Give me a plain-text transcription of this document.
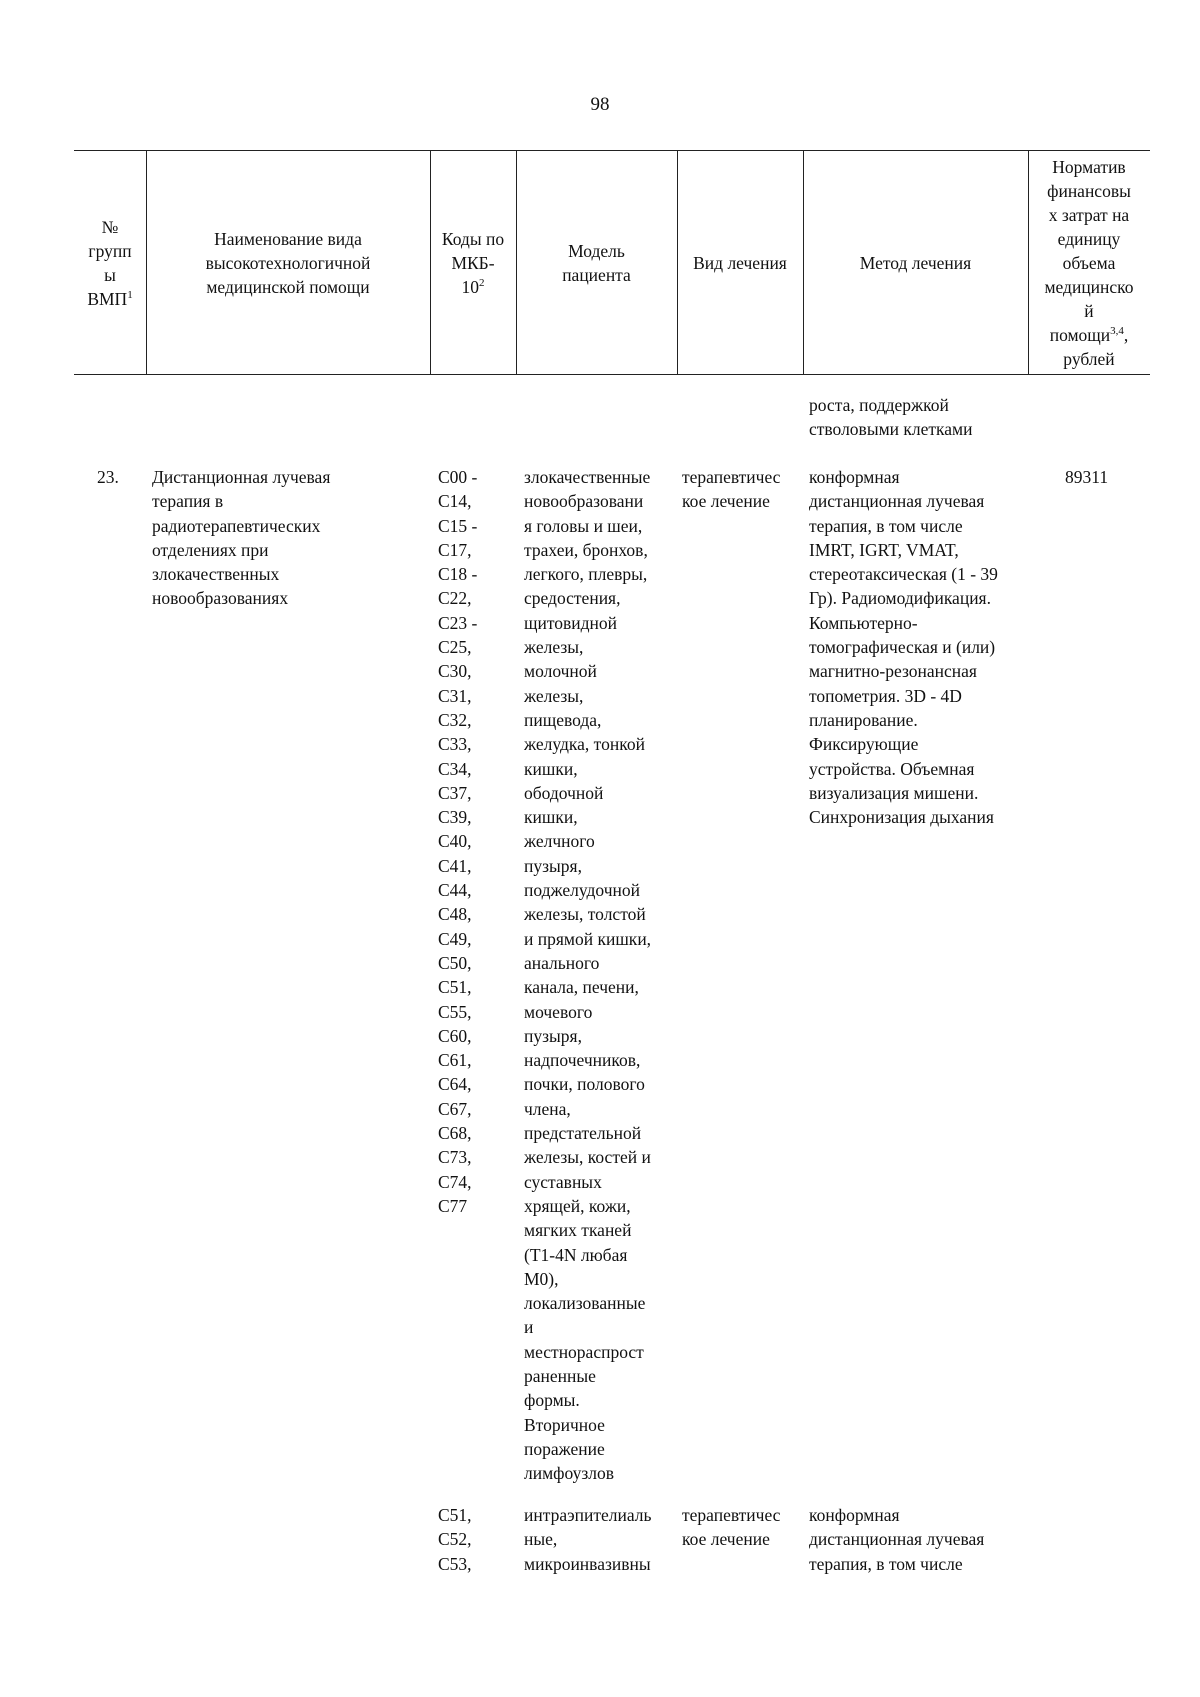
98
№
групп
ы
ВМП$^1$
Наименование вида
высокотехнологичной
медицинской помощи
Коды по
МКБ-
$10^2$
Модель
пациента
Вид лечения	Метод лечения
Норматив
финансовы
х затрат на
единицу
объема
медицинско
й
помощи$^{3,4}$,
рублей
роста, поддержкой
стволовыми клетками
23.	Дистанционная лучевая
терапия в
радиотерапевтических
отделениях при
злокачественных
новообразованиях
C00 -
C14,
C15 -
C17,
C18 -
C22,
C23 -
C25,
C30,
C31,
C32,
C33,
C34,
C37,
C39,
C40,
C41,
C44,
C48,
C49,
C50,
C51,
C55,
C60,
C61,
C64,
C67,
C68,
C73,
C74,
C77
злокачественные
новообразовани
я головы и шеи,
трахеи, бронхов,
легкого, плевры,
средостения,
щитовидной
железы,
молочной
железы,
пищевода,
желудка, тонкой
кишки,
ободочной
кишки,
желчного
пузыря,
поджелудочной
железы, толстой
и прямой кишки,
анального
канала, печени,
мочевого
пузыря,
надпочечников,
почки, полового
члена,
предстательной
железы, костей и
суставных
хрящей, кожи,
мягких тканей
(T1-4N любая
M0),
локализованные
и
местнораспрост
раненные
формы.
Вторичное
поражение
лимфоузлов
терапевтичес
кое лечение
конформная
дистанционная лучевая
терапия, в том числе
IMRT, IGRT, VMAT,
стереотаксическая (1 - 39
Гр). Радиомодификация.
Компьютерно-
томографическая и (или)
магнитно-резонансная
топометрия. 3D - 4D
планирование.
Фиксирующие
устройства. Объемная
визуализация мишени.
Синхронизация дыхания
89311
C51,
C52,
C53,
интраэпителиаль
ные,
микроинвазивны
терапевтичес
кое лечение
конформная
дистанционная лучевая
терапия, в том числе
